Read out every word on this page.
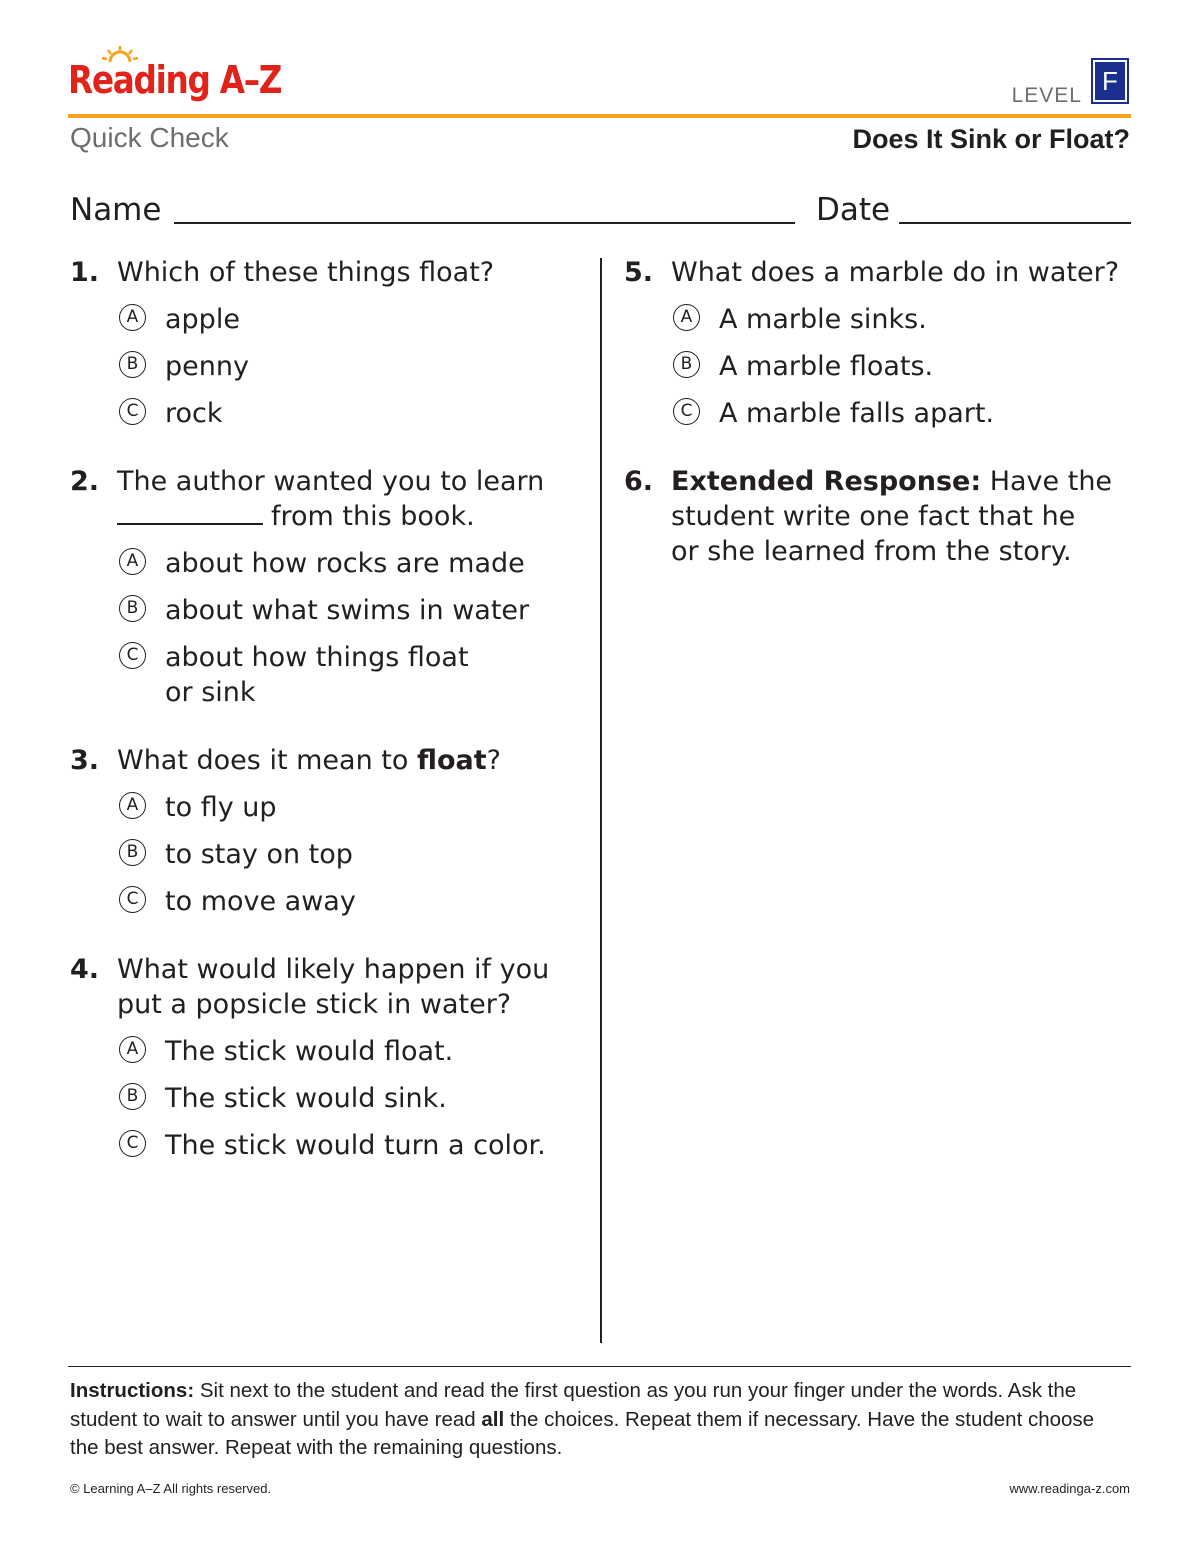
Reading A–Z	LEVEL F
Quick Check	Does It Sink or Float?
Name	Date
1. Which of these things float?
A apple
B penny
C rock
2. The author wanted you to learn
from this book.
A about how rocks are made
B about what swims in water
C about how things float
or sink
3. What does it mean to float?
A to fly up
B to stay on top
C to move away
4. What would likely happen if you
put a popsicle stick in water?
A The stick would float.
B The stick would sink.
C The stick would turn a color.
5. What does a marble do in water?
A A marble sinks.
B A marble floats.
C A marble falls apart.
6. Extended Response: Have the
student write one fact that he
or she learned from the story.
Instructions: Sit next to the student and read the first question as you run your finger under the words. Ask the student to wait to answer until you have read all the choices. Repeat them if necessary. Have the student choose the best answer. Repeat with the remaining questions.
© Learning A–Z All rights reserved.	www.readinga-z.com
